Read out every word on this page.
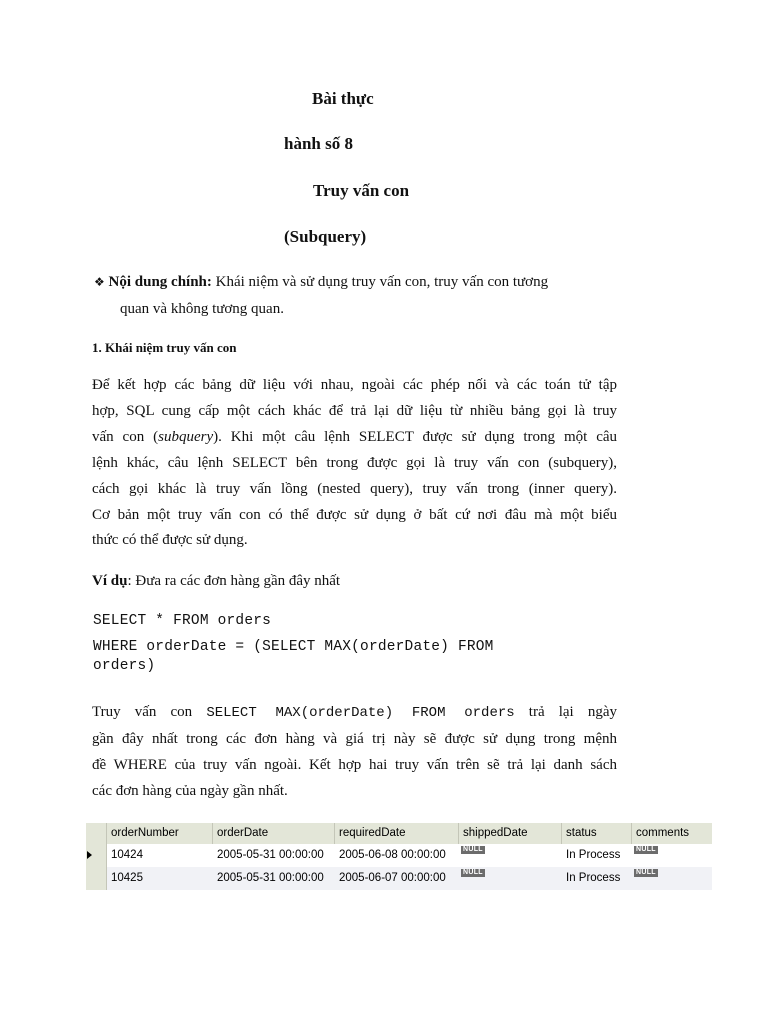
Bài thực
hành số 8
Truy vấn con
(Subquery)
❖ Nội dung chính: Khái niệm và sử dụng truy vấn con, truy vấn con tương
quan và không tương quan.
1. Khái niệm truy vấn con
Để kết hợp các bảng dữ liệu với nhau, ngoài các phép nối và các toán tử tập
hợp, SQL cung cấp một cách khác để trả lại dữ liệu từ nhiều bảng gọi là truy
vấn con (subquery). Khi một câu lệnh SELECT được sử dụng trong một câu
lệnh khác, câu lệnh SELECT bên trong được gọi là truy vấn con (subquery),
cách gọi khác là truy vấn lồng (nested query), truy vấn trong (inner query).
Cơ bản một truy vấn con có thể được sử dụng ở bất cứ nơi đâu mà một biểu
thức có thể được sử dụng.
Ví dụ: Đưa ra các đơn hàng gần đây nhất
SELECT * FROM orders
WHERE orderDate = (SELECT MAX(orderDate) FROM
orders)
Truy vấn con SELECT MAX(orderDate) FROM orders trả lại ngày
gần đây nhất trong các đơn hàng và giá trị này sẽ được sử dụng trong mệnh
đề WHERE của truy vấn ngoài. Kết hợp hai truy vấn trên sẽ trả lại danh sách
các đơn hàng của ngày gần nhất.
orderNumber	orderDate	requiredDate	shippedDate	status	comments
10424	2005-05-31 00:00:00	2005-06-08 00:00:00	NULL	In Process	NULL
10425	2005-05-31 00:00:00	2005-06-07 00:00:00	NULL	In Process	NULL
